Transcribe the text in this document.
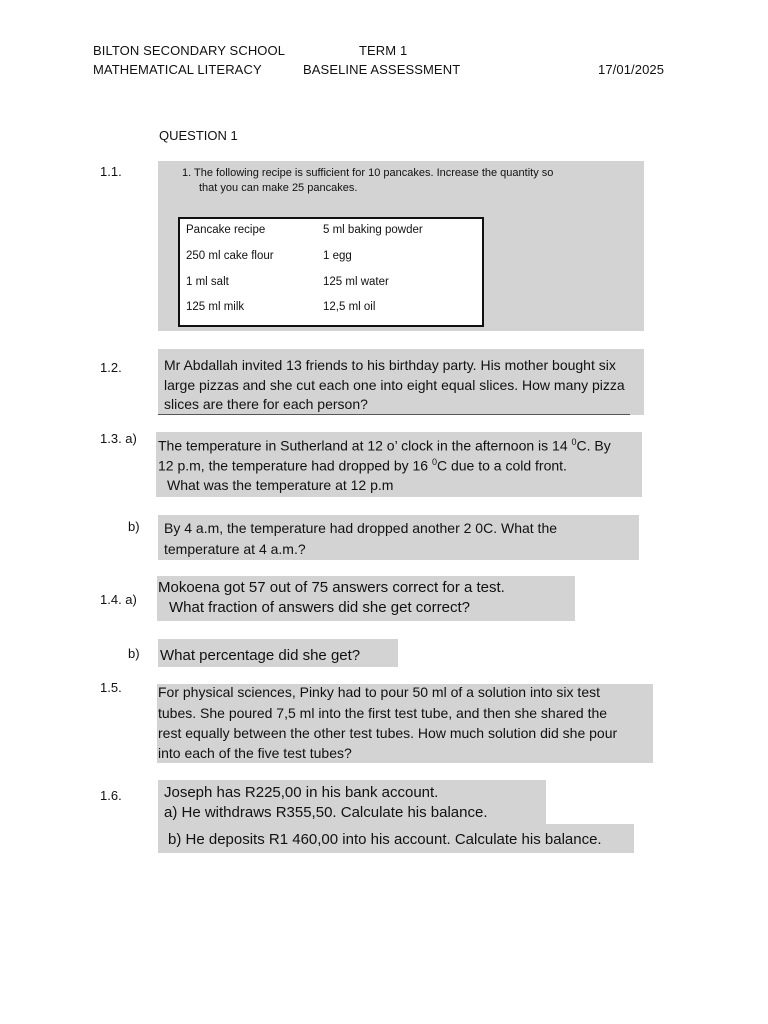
BILTON SECONDARY SCHOOL	TERM 1
MATHEMATICAL LITERACY	BASELINE ASSESSMENT	17/01/2025
QUESTION 1
1.1.	1. The following recipe is sufficient for 10 pancakes. Increase the quantity so
that you can make 25 pancakes.
Pancake recipe	5 ml baking powder
250 ml cake flour	1 egg
1 ml salt	125 ml water
125 ml milk	12,5 ml oil
1.2.	Mr Abdallah invited 13 friends to his birthday party. His mother bought six
large pizzas and she cut each one into eight equal slices. How many pizza
slices are there for each person?
1.3. a) The temperature in Sutherland at 12 o’ clock in the afternoon is 14 $^0$C. By
12 p.m, the temperature had dropped by 16 $^0$C due to a cold front.
What was the temperature at 12 p.m
b) By 4 a.m, the temperature had dropped another 2 0C. What the
temperature at 4 a.m.?
Mokoena got 57 out of 75 answers correct for a test.
What fraction of answers did she get correct?
1.4. a)
b) What percentage did she get?
1.5.	For physical sciences, Pinky had to pour 50 ml of a solution into six test
tubes. She poured 7,5 ml into the first test tube, and then she shared the
rest equally between the other test tubes. How much solution did she pour
into each of the five test tubes?
1.6.	Joseph has R225,00 in his bank account.
a) He withdraws R355,50. Calculate his balance.
b) He deposits R1 460,00 into his account. Calculate his balance.
